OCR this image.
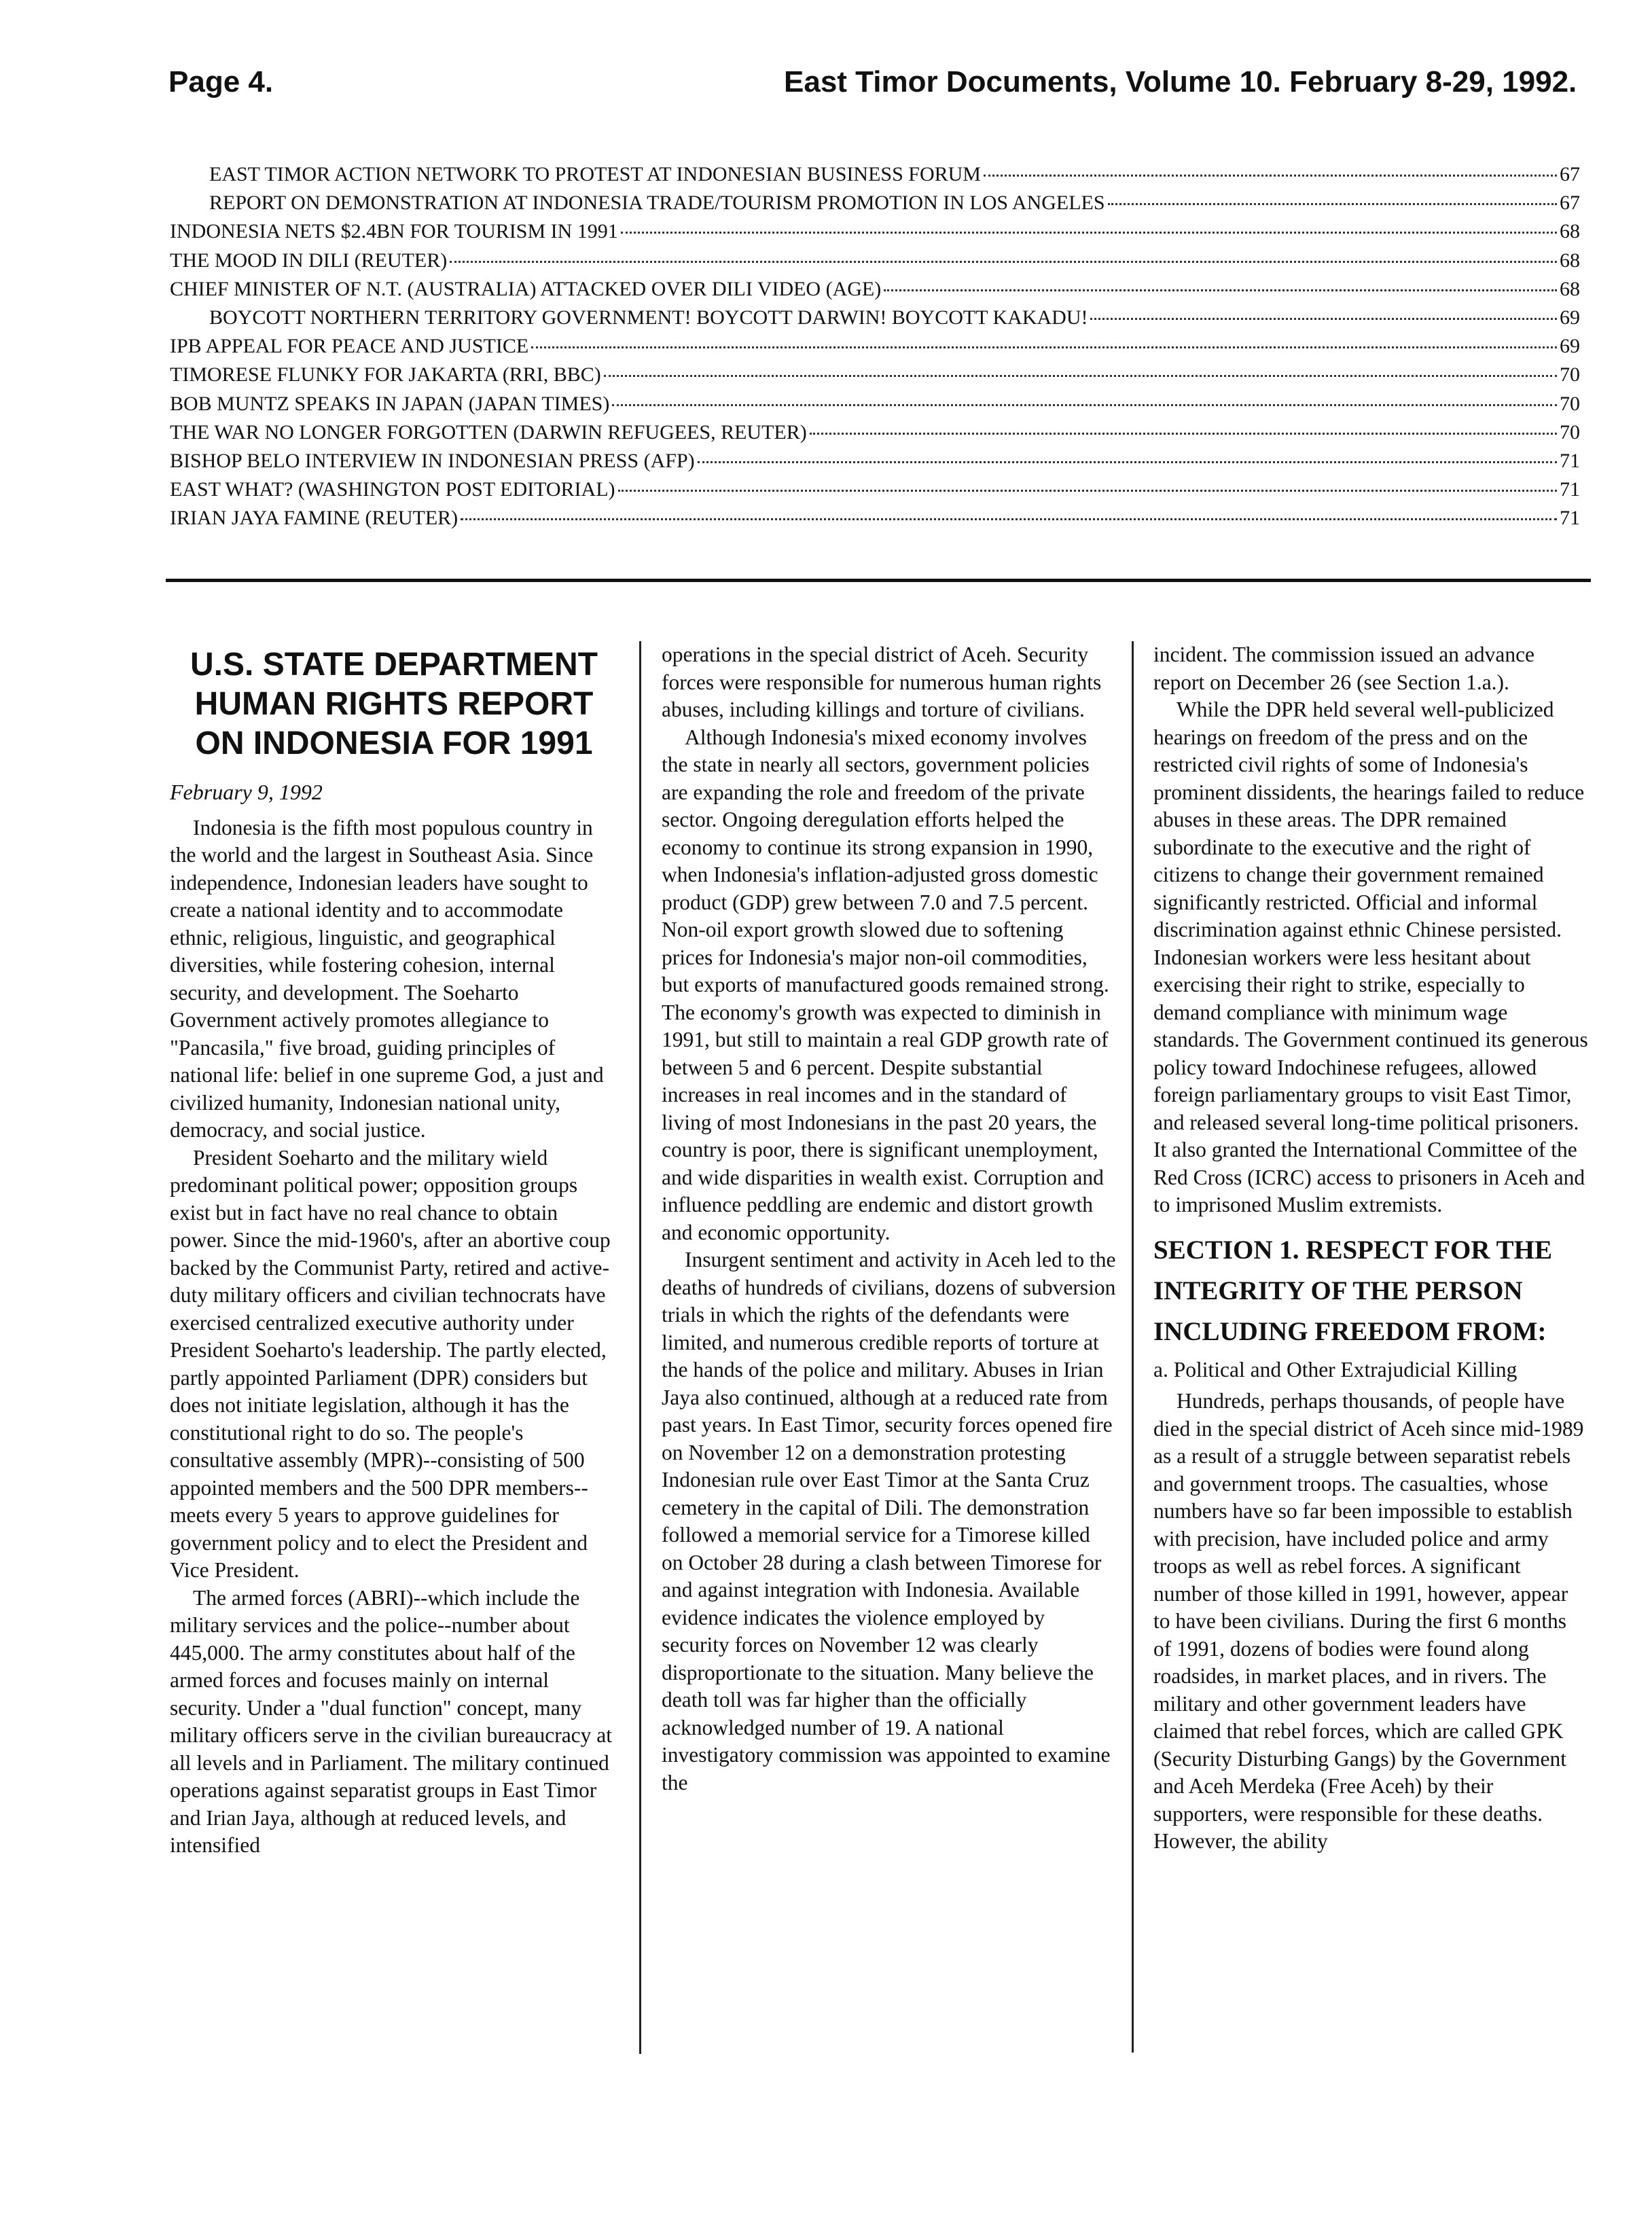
Page 4.	East Timor Documents, Volume 10. February 8-29, 1992.
EAST TIMOR ACTION NETWORK TO PROTEST AT INDONESIAN BUSINESS FORUM	67
REPORT ON DEMONSTRATION AT INDONESIA TRADE/TOURISM PROMOTION IN LOS ANGELES	67
INDONESIA NETS $2.4BN FOR TOURISM IN 1991	68
THE MOOD IN DILI (REUTER)	68
CHIEF MINISTER OF N.T. (AUSTRALIA) ATTACKED OVER DILI VIDEO (AGE)	68
BOYCOTT NORTHERN TERRITORY GOVERNMENT! BOYCOTT DARWIN! BOYCOTT KAKADU!	69
IPB APPEAL FOR PEACE AND JUSTICE	69
TIMORESE FLUNKY FOR JAKARTA (RRI, BBC)	70
BOB MUNTZ SPEAKS IN JAPAN (JAPAN TIMES)	70
THE WAR NO LONGER FORGOTTEN (DARWIN REFUGEES, REUTER)	70
BISHOP BELO INTERVIEW IN INDONESIAN PRESS (AFP)	71
EAST WHAT? (WASHINGTON POST EDITORIAL)	71
IRIAN JAYA FAMINE (REUTER)	71
U.S. STATE DEPARTMENT HUMAN RIGHTS REPORT ON INDONESIA FOR 1991
February 9, 1992

Indonesia is the fifth most populous country in the world and the largest in Southeast Asia. Since independence, Indonesian leaders have sought to create a national identity and to accommodate ethnic, religious, linguistic, and geographical diversities, while fostering cohesion, internal security, and development. The Soeharto Government actively promotes allegiance to "Pancasila," five broad, guiding principles of national life: belief in one supreme God, a just and civilized humanity, Indonesian national unity, democracy, and social justice.

President Soeharto and the military wield predominant political power; opposition groups exist but in fact have no real chance to obtain power. Since the mid-1960's, after an abortive coup backed by the Communist Party, retired and active-duty military officers and civilian technocrats have exercised centralized executive authority under President Soeharto's leadership. The partly elected, partly appointed Parliament (DPR) considers but does not initiate legislation, although it has the constitutional right to do so. The people's consultative assembly (MPR)--consisting of 500 appointed members and the 500 DPR members--meets every 5 years to approve guidelines for government policy and to elect the President and Vice President.

The armed forces (ABRI)--which include the military services and the police--number about 445,000. The army constitutes about half of the armed forces and focuses mainly on internal security. Under a "dual function" concept, many military officers serve in the civilian bureaucracy at all levels and in Parliament. The military continued operations against separatist groups in East Timor and Irian Jaya, although at reduced levels, and intensified

operations in the special district of Aceh. Security forces were responsible for numerous human rights abuses, including killings and torture of civilians.

Although Indonesia's mixed economy involves the state in nearly all sectors, government policies are expanding the role and freedom of the private sector. Ongoing deregulation efforts helped the economy to continue its strong expansion in 1990, when Indonesia's inflation-adjusted gross domestic product (GDP) grew between 7.0 and 7.5 percent. Non-oil export growth slowed due to softening prices for Indonesia's major non-oil commodities, but exports of manufactured goods remained strong. The economy's growth was expected to diminish in 1991, but still to maintain a real GDP growth rate of between 5 and 6 percent. Despite substantial increases in real incomes and in the standard of living of most Indonesians in the past 20 years, the country is poor, there is significant unemployment, and wide disparities in wealth exist. Corruption and influence peddling are endemic and distort growth and economic opportunity.

Insurgent sentiment and activity in Aceh led to the deaths of hundreds of civilians, dozens of subversion trials in which the rights of the defendants were limited, and numerous credible reports of torture at the hands of the police and military. Abuses in Irian Jaya also continued, although at a reduced rate from past years. In East Timor, security forces opened fire on November 12 on a demonstration protesting Indonesian rule over East Timor at the Santa Cruz cemetery in the capital of Dili. The demonstration followed a memorial service for a Timorese killed on October 28 during a clash between Timorese for and against integration with Indonesia. Available evidence indicates the violence employed by security forces on November 12 was clearly disproportionate to the situation. Many believe the death toll was far higher than the officially acknowledged number of 19. A national investigatory commission was appointed to examine the

incident. The commission issued an advance report on December 26 (see Section 1.a.).

While the DPR held several well-publicized hearings on freedom of the press and on the restricted civil rights of some of Indonesia's prominent dissidents, the hearings failed to reduce abuses in these areas. The DPR remained subordinate to the executive and the right of citizens to change their government remained significantly restricted. Official and informal discrimination against ethnic Chinese persisted. Indonesian workers were less hesitant about exercising their right to strike, especially to demand compliance with minimum wage standards. The Government continued its generous policy toward Indochinese refugees, allowed foreign parliamentary groups to visit East Timor, and released several long-time political prisoners. It also granted the International Committee of the Red Cross (ICRC) access to prisoners in Aceh and to imprisoned Muslim extremists.

SECTION 1. RESPECT FOR THE INTEGRITY OF THE PERSON INCLUDING FREEDOM FROM:
a. Political and Other Extrajudicial Killing

Hundreds, perhaps thousands, of people have died in the special district of Aceh since mid-1989 as a result of a struggle between separatist rebels and government troops. The casualties, whose numbers have so far been impossible to establish with precision, have included police and army troops as well as rebel forces. A significant number of those killed in 1991, however, appear to have been civilians. During the first 6 months of 1991, dozens of bodies were found along roadsides, in market places, and in rivers. The military and other government leaders have claimed that rebel forces, which are called GPK (Security Disturbing Gangs) by the Government and Aceh Merdeka (Free Aceh) by their supporters, were responsible for these deaths. However, the ability
